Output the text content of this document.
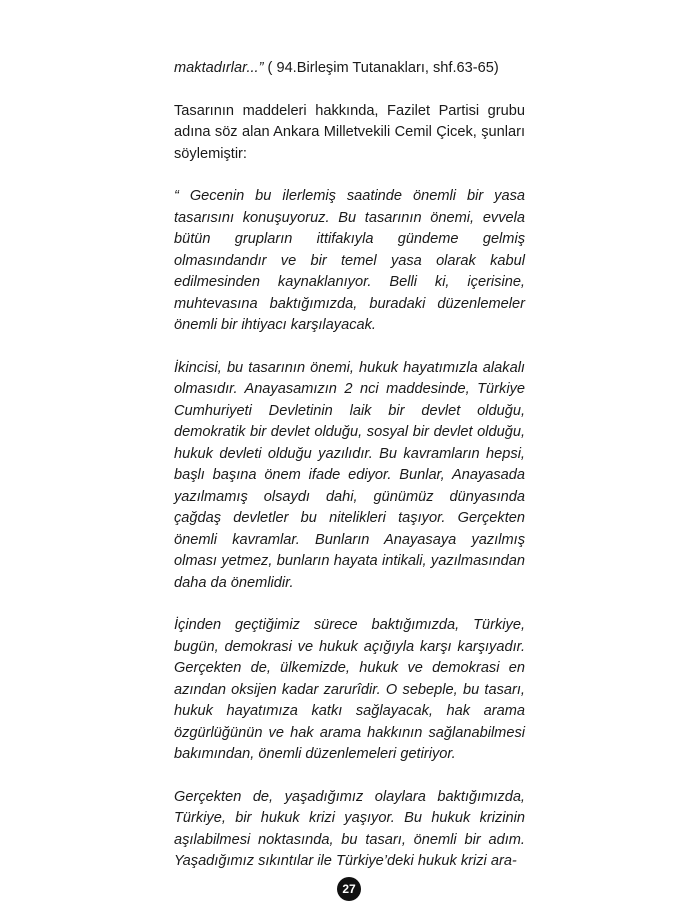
maktadırlar...” ( 94.Birleşim Tutanakları, shf.63-65)

Tasarının maddeleri hakkında, Fazilet Partisi grubu adına söz alan Ankara Milletvekili Cemil Çicek, şunları söylemiştir:

“ Gecenin bu ilerlemiş saatinde önemli bir yasa tasarısını konuşuyoruz. Bu tasarının önemi, evvela bütün grupların ittifakıyla gündeme gelmiş olmasındandır ve bir temel yasa olarak kabul edilmesinden kaynaklanıyor. Belli ki, içerisine, muhtevasına baktığımızda, buradaki düzenlemeler önemli bir ihtiyacı karşılayacak.

İkincisi, bu tasarının önemi, hukuk hayatımızla alakalı olmasıdır. Anayasamızın 2 nci maddesinde, Türkiye Cumhuriyeti Devletinin laik bir devlet olduğu, demokratik bir devlet olduğu, sosyal bir devlet olduğu, hukuk devleti olduğu yazılıdır. Bu kavramların hepsi, başlı başına önem ifade ediyor. Bunlar, Anayasada yazılmamış olsaydı dahi, günümüz dünyasında çağdaş devletler bu nitelikleri taşıyor. Gerçekten önemli kavramlar. Bunların Anayasaya yazılmış olması yetmez, bunların hayata intikali, yazılmasından daha da önemlidir.

İçinden geçtiğimiz sürece baktığımızda, Türkiye, bugün, demokrasi ve hukuk açığıyla karşı karşıyadır. Gerçekten de, ülkemizde, hukuk ve demokrasi en azından oksijen kadar zarurîdir. O sebeple, bu tasarı, hukuk hayatımıza katkı sağlayacak, hak arama özgürlüğünün ve hak arama hakkının sağlanabilmesi bakımından, önemli düzenlemeleri getiriyor.

Gerçekten de, yaşadığımız olaylara baktığımızda, Türkiye, bir hukuk krizi yaşıyor. Bu hukuk krizinin aşılabilmesi noktasında, bu tasarı, önemli bir adım. Yaşadığımız sıkıntılar ile Türkiye’deki hukuk krizi ara-

27
